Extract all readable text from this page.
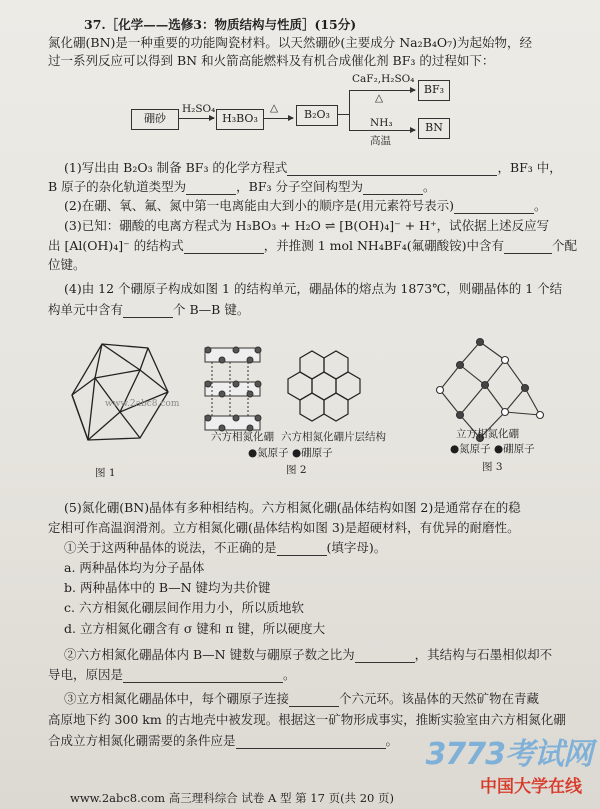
37.［化学——选修3：物质结构与性质］(15分)
氮化硼(BN)是一种重要的功能陶瓷材料。以天然硼砂(主要成分 Na₂B₄O₇)为起始物，经
过一系列反应可以得到 BN 和火箭高能燃料及有机合成催化剂 BF₃ 的过程如下：
硼砂
H₂SO₄
H₃BO₃
△	B₂O₃
CaF₂,H₂SO₄
△
BF₃
NH₃
高温
BN
(1)写出由 B₂O₃ 制备 BF₃ 的化学方程式	，BF₃ 中，
B 原子的杂化轨道类型为	，BF₃ 分子空间构型为	。
(2)在硼、氧、氟、氮中第一电离能由大到小的顺序是(用元素符号表示)	。
(3)已知：硼酸的电离方程式为 H₃BO₃ + H₂O ⇌ [B(OH)₄]⁻ + H⁺，试依据上述反应写
出 [Al(OH)₄]⁻ 的结构式	，并推测 1 mol NH₄BF₄(氟硼酸铵)中含有	个配
位键。
(4)由 12 个硼原子构成如图 1 的结构单元，硼晶体的熔点为 1873℃，则硼晶体的 1 个结
构单元中含有	个 B—B 键。
六方相氮化硼 六方相氮化硼片层结构
●氮原子 ●硼原子
立方相氮化硼
●氮原子 ●硼原子
图 1	图 2	图 3
(5)氮化硼(BN)晶体有多种相结构。六方相氮化硼(晶体结构如图 2)是通常存在的稳
定相可作高温润滑剂。立方相氮化硼(晶体结构如图 3)是超硬材料，有优异的耐磨性。
①关于这两种晶体的说法，不正确的是	(填字母)。
a. 两种晶体均为分子晶体
b. 两种晶体中的 B—N 键均为共价键
c. 六方相氮化硼层间作用力小，所以质地软
d. 立方相氮化硼含有 σ 键和 π 键，所以硬度大
②六方相氮化硼晶体内 B—N 键数与硼原子数之比为	，其结构与石墨相似却不
导电，原因是	。
③立方相氮化硼晶体中，每个硼原子连接	个六元环。该晶体的天然矿物在青藏
高原地下约 300 km 的古地壳中被发现。根据这一矿物形成事实，推断实验室由六方相氮化硼
合成立方相氮化硼需要的条件应是	。
www.2abc8.com
www.2abc8.com 高三理科综合 试卷 A 型 第 17 页(共 20 页)
3773考试网
中国大学在线
